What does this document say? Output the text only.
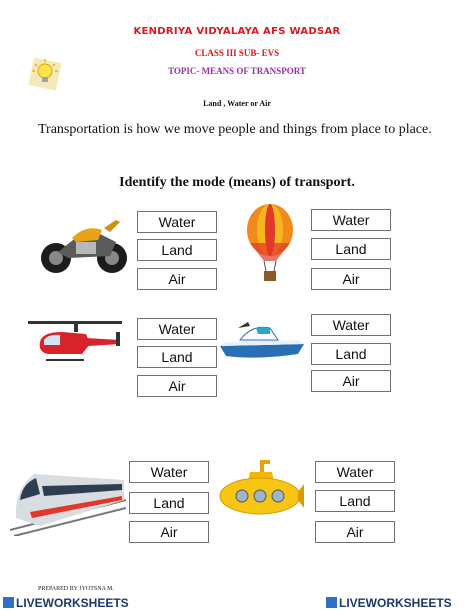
KENDRIYA VIDYALAYA AFS WADSAR
CLASS III SUB- EVS
TOPIC- MEANS OF TRANSPORT
Land , Water or Air
Transportation is how we move people and things from place to place.
Identify the mode (means) of transport.
Water
Land
Air
Water
Land
Air
Water
Land
Air
Water
Land
Air
Water
Land
Air
Water
Land
Air
PREPARED BY JYOTSNA M.
LIVEWORKSHEETS	LIVEWORKSHEETS
